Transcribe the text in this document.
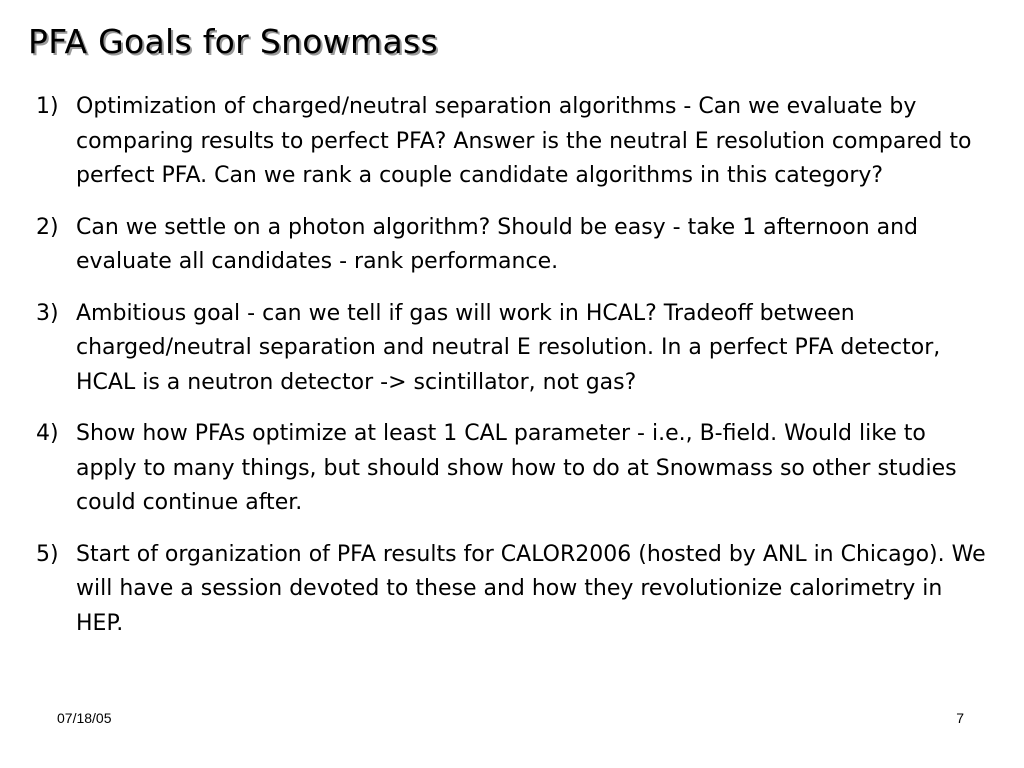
PFA Goals for Snowmass
1) Optimization of charged/neutral separation algorithms - Can we evaluate by comparing results to perfect PFA? Answer is the neutral E resolution compared to perfect PFA. Can we rank a couple candidate algorithms in this category?
2) Can we settle on a photon algorithm? Should be easy - take 1 afternoon and evaluate all candidates - rank performance.
3) Ambitious goal - can we tell if gas will work in HCAL? Tradeoff between charged/neutral separation and neutral E resolution. In a perfect PFA detector, HCAL is a neutron detector -> scintillator, not gas?
4) Show how PFAs optimize at least 1 CAL parameter - i.e., B-field. Would like to apply to many things, but should show how to do at Snowmass so other studies could continue after.
5) Start of organization of PFA results for CALOR2006 (hosted by ANL in Chicago). We will have a session devoted to these and how they revolutionize calorimetry in HEP.
07/18/05	7
